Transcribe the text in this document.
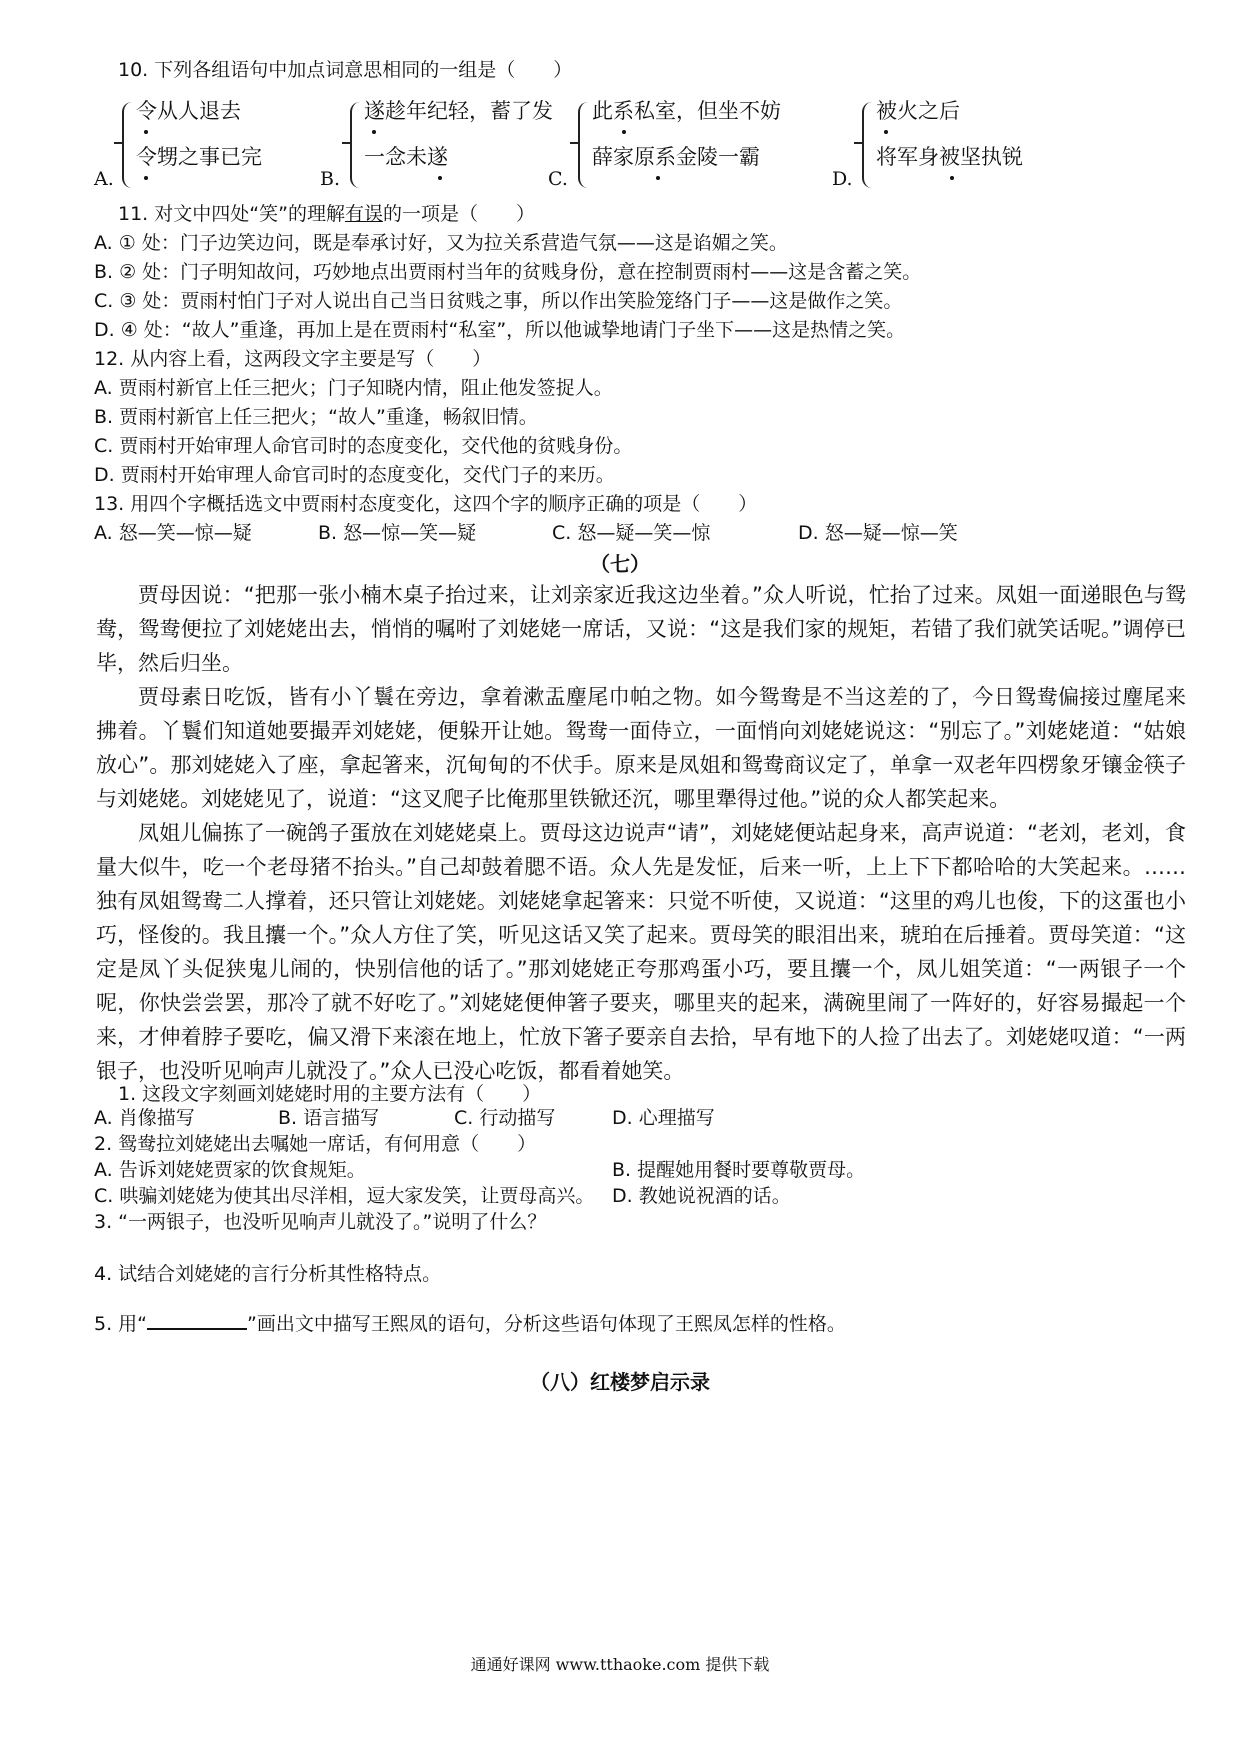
10. 下列各组语句中加点词意思相同的一组是（　　）
A.
令从人退去
令甥之事已完
B.
遂趁年纪轻，蓄了发
一念未遂
C.
此系私室，但坐不妨
薛家原系金陵一霸
D.
被火之后
将军身被坚执锐
11. 对文中四处“笑”的理解有误的一项是（　　）
A. ① 处：门子边笑边问，既是奉承讨好，又为拉关系营造气氛——这是谄媚之笑。
B. ② 处：门子明知故问，巧妙地点出贾雨村当年的贫贱身份，意在控制贾雨村——这是含蓄之笑。
C. ③ 处：贾雨村怕门子对人说出自己当日贫贱之事，所以作出笑脸笼络门子——这是做作之笑。
D. ④ 处：“故人”重逢，再加上是在贾雨村“私室”，所以他诚挚地请门子坐下——这是热情之笑。
12. 从内容上看，这两段文字主要是写（　　）
A. 贾雨村新官上任三把火；门子知晓内情，阻止他发签捉人。
B. 贾雨村新官上任三把火；“故人”重逢，畅叙旧情。
C. 贾雨村开始审理人命官司时的态度变化，交代他的贫贱身份。
D. 贾雨村开始审理人命官司时的态度变化，交代门子的来历。
13. 用四个字概括选文中贾雨村态度变化，这四个字的顺序正确的项是（　　）
A. 怒—笑—惊—疑	B. 怒—惊—笑—疑	C. 怒—疑—笑—惊	D. 怒—疑—惊—笑
（七）
贾母因说：“把那一张小楠木桌子抬过来，让刘亲家近我这边坐着。”众人听说，忙抬了过来。凤姐一面递眼色与鸳鸯，鸳鸯便拉了刘姥姥出去，悄悄的嘱咐了刘姥姥一席话，又说：“这是我们家的规矩，若错了我们就笑话呢。”调停已毕，然后归坐。
贾母素日吃饭，皆有小丫鬟在旁边，拿着漱盂麈尾巾帕之物。如今鸳鸯是不当这差的了，今日鸳鸯偏接过麈尾来拂着。丫鬟们知道她要撮弄刘姥姥，便躲开让她。鸳鸯一面侍立，一面悄向刘姥姥说这：“别忘了。”刘姥姥道：“姑娘放心”。那刘姥姥入了座，拿起箸来，沉甸甸的不伏手。原来是凤姐和鸳鸯商议定了，单拿一双老年四楞象牙镶金筷子与刘姥姥。刘姥姥见了，说道：“这叉爬子比俺那里铁锨还沉，哪里犟得过他。”说的众人都笑起来。
凤姐儿偏拣了一碗鸽子蛋放在刘姥姥桌上。贾母这边说声“请”，刘姥姥便站起身来，高声说道：“老刘，老刘，食量大似牛，吃一个老母猪不抬头。”自己却鼓着腮不语。众人先是发怔，后来一听，上上下下都哈哈的大笑起来。……独有凤姐鸳鸯二人撑着，还只管让刘姥姥。刘姥姥拿起箸来：只觉不听使，又说道：“这里的鸡儿也俊，下的这蛋也小巧，怪俊的。我且攮一个。”众人方住了笑，听见这话又笑了起来。贾母笑的眼泪出来，琥珀在后捶着。贾母笑道：“这定是凤丫头促狭鬼儿闹的，快别信他的话了。”那刘姥姥正夸那鸡蛋小巧，要且攮一个，凤儿姐笑道：“一两银子一个呢，你快尝尝罢，那冷了就不好吃了。”刘姥姥便伸箸子要夹，哪里夹的起来，满碗里闹了一阵好的，好容易撮起一个来，才伸着脖子要吃，偏又滑下来滚在地上，忙放下箸子要亲自去拾，早有地下的人捡了出去了。刘姥姥叹道：“一两银子，也没听见响声儿就没了。”众人已没心吃饭，都看着她笑。
1. 这段文字刻画刘姥姥时用的主要方法有（　　）
A. 肖像描写	B. 语言描写	C. 行动描写	D. 心理描写
2. 鸳鸯拉刘姥姥出去嘱她一席话，有何用意（　　）
A. 告诉刘姥姥贾家的饮食规矩。	B. 提醒她用餐时要尊敬贾母。
C. 哄骗刘姥姥为使其出尽洋相，逗大家发笑，让贾母高兴。 D. 教她说祝酒的话。
3. “一两银子，也没听见响声儿就没了。”说明了什么？
4. 试结合刘姥姥的言行分析其性格特点。
5. 用“	”画出文中描写王熙凤的语句，分析这些语句体现了王熙凤怎样的性格。
（八）红楼梦启示录
通通好课网 www.tthaoke.com 提供下载
